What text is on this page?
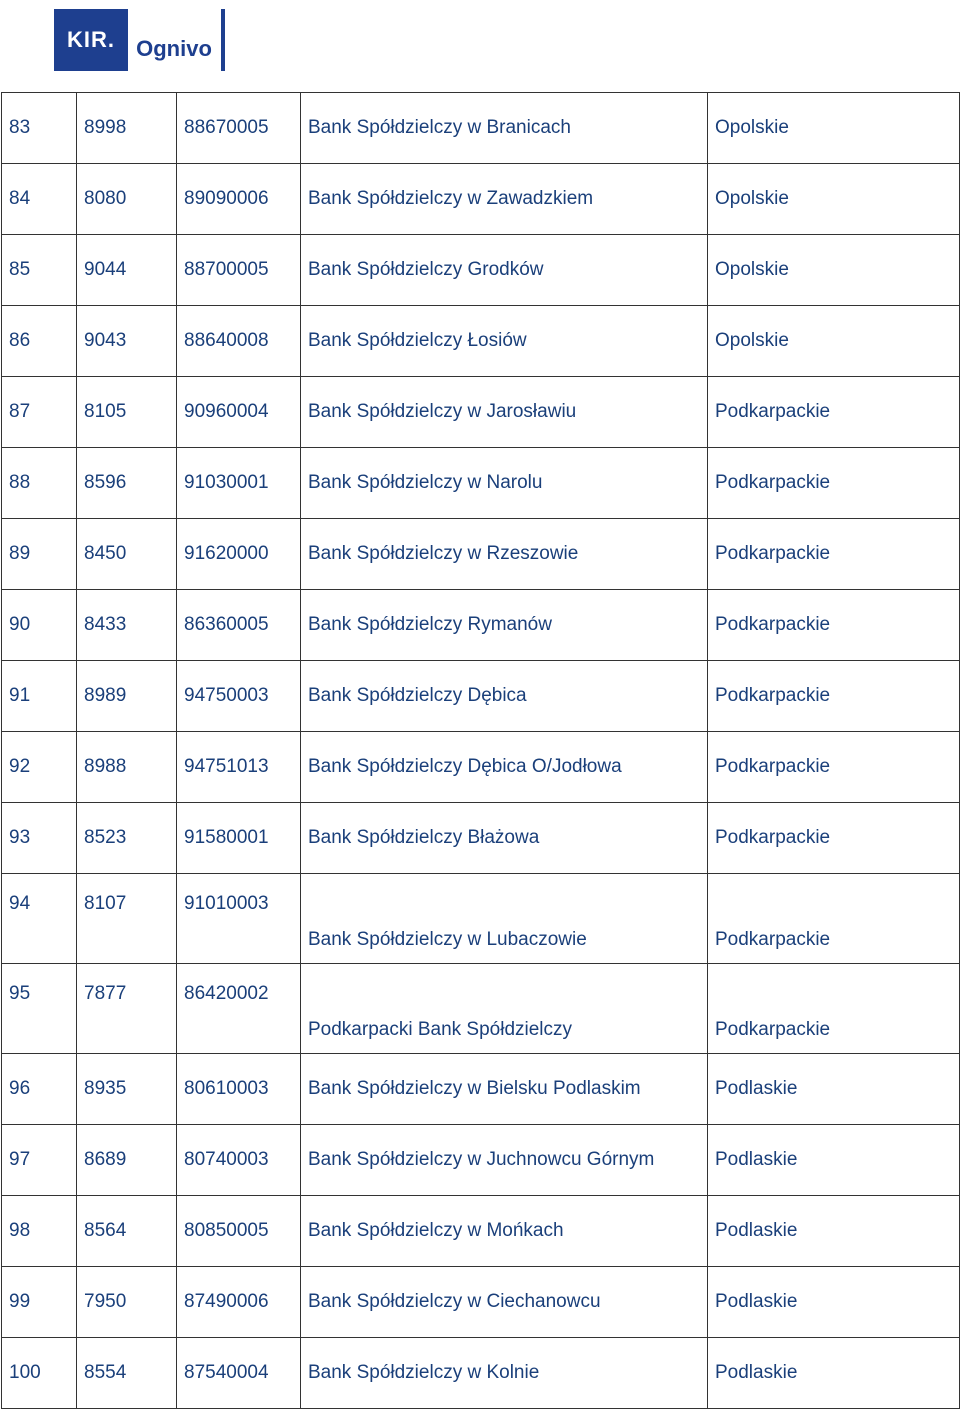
KIR. Ognivo
83	8998	88670005	Bank Spółdzielczy w Branicach	Opolskie
84	8080	89090006	Bank Spółdzielczy w Zawadzkiem	Opolskie
85	9044	88700005	Bank Spółdzielczy Grodków	Opolskie
86	9043	88640008	Bank Spółdzielczy Łosiów	Opolskie
87	8105	90960004	Bank Spółdzielczy w Jarosławiu	Podkarpackie
88	8596	91030001	Bank Spółdzielczy w Narolu	Podkarpackie
89	8450	91620000	Bank Spółdzielczy w Rzeszowie	Podkarpackie
90	8433	86360005	Bank Spółdzielczy Rymanów	Podkarpackie
91	8989	94750003	Bank Spółdzielczy Dębica	Podkarpackie
92	8988	94751013	Bank Spółdzielczy Dębica O/Jodłowa	Podkarpackie
93	8523	91580001	Bank Spółdzielczy Błażowa	Podkarpackie
94	8107	91010003	Bank Spółdzielczy w Lubaczowie	Podkarpackie
95	7877	86420002	Podkarpacki Bank Spółdzielczy	Podkarpackie
96	8935	80610003	Bank Spółdzielczy w Bielsku Podlaskim	Podlaskie
97	8689	80740003	Bank Spółdzielczy w Juchnowcu Górnym	Podlaskie
98	8564	80850005	Bank Spółdzielczy w Mońkach	Podlaskie
99	7950	87490006	Bank Spółdzielczy w Ciechanowcu	Podlaskie
100	8554	87540004	Bank Spółdzielczy w Kolnie	Podlaskie
